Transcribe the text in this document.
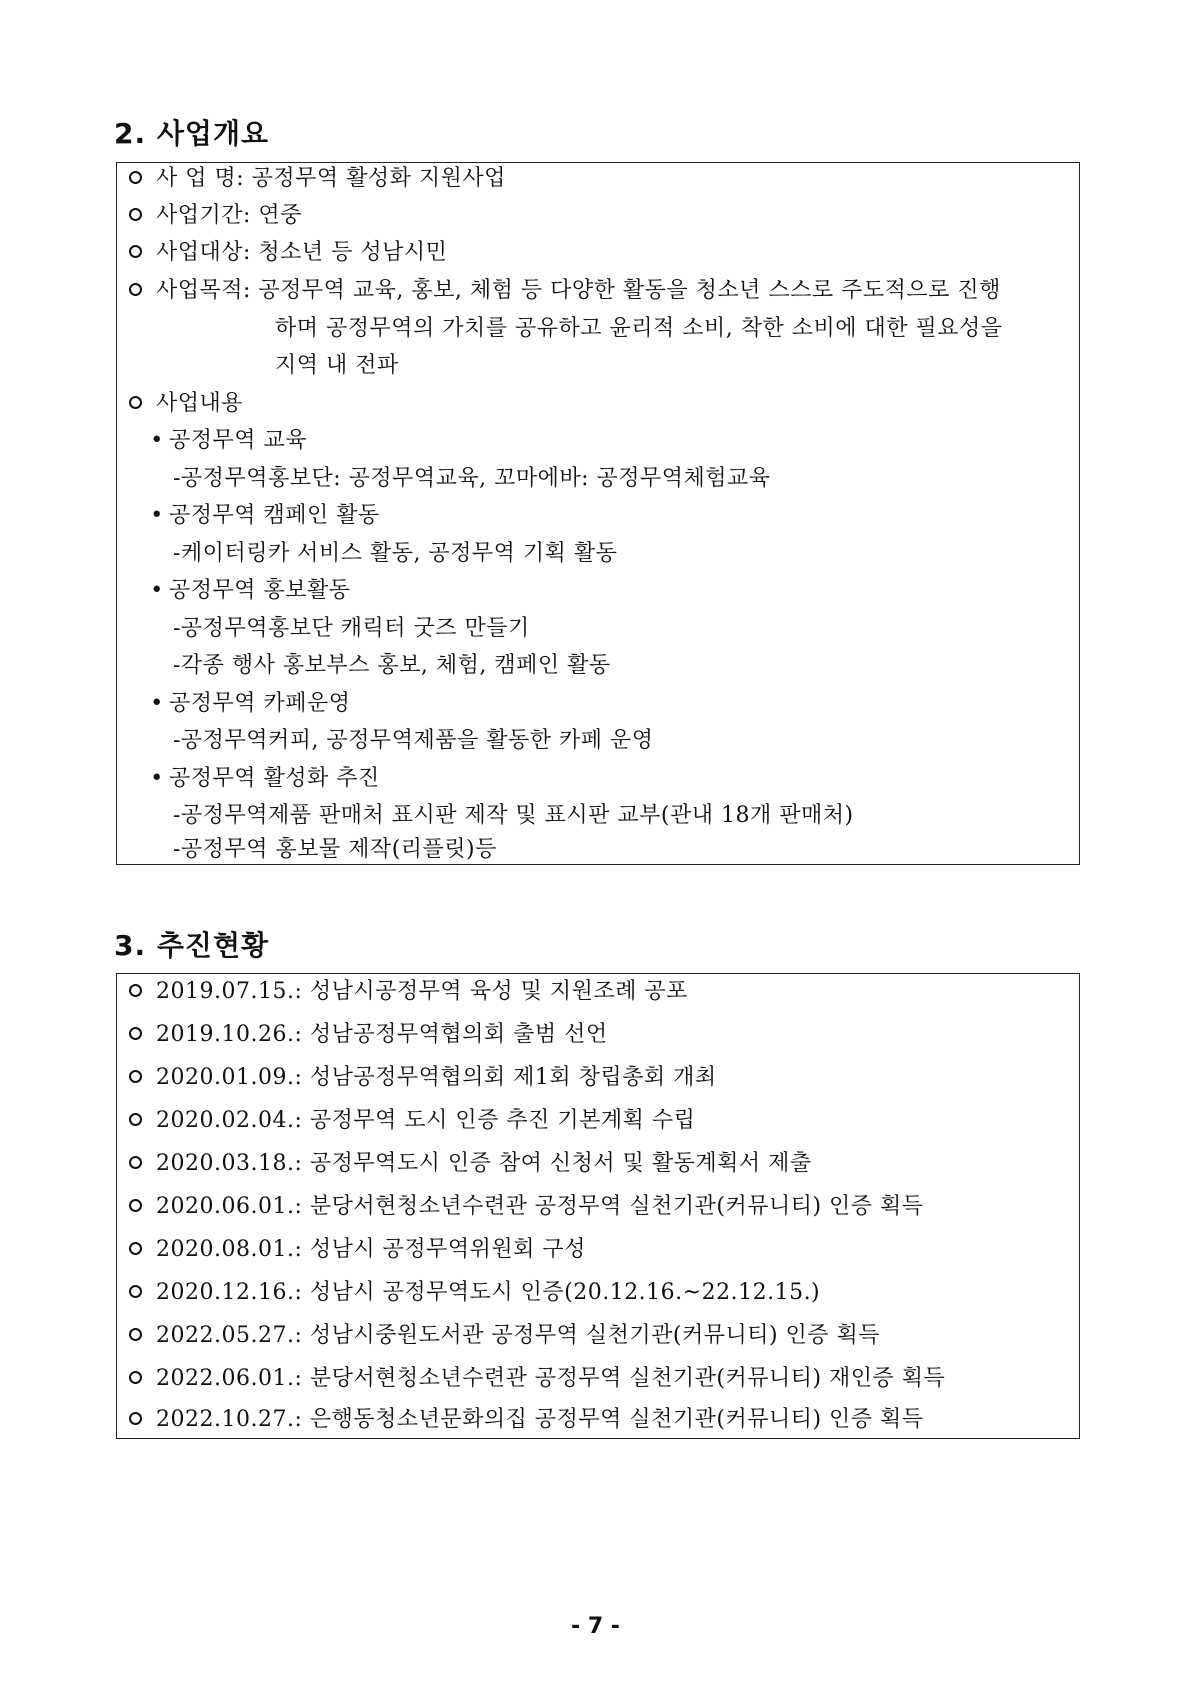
2. 사업개요
사 업 명: 공정무역 활성화 지원사업
사업기간: 연중
사업대상: 청소년 등 성남시민
사업목적: 공정무역 교육, 홍보, 체험 등 다양한 활동을 청소년 스스로 주도적으로 진행
하며 공정무역의 가치를 공유하고 윤리적 소비, 착한 소비에 대한 필요성을
지역 내 전파
사업내용
• 공정무역 교육
-공정무역홍보단: 공정무역교육, 꼬마에바: 공정무역체험교육
• 공정무역 캠페인 활동
-케이터링카 서비스 활동, 공정무역 기획 활동
• 공정무역 홍보활동
-공정무역홍보단 캐릭터 굿즈 만들기
-각종 행사 홍보부스 홍보, 체험, 캠페인 활동
• 공정무역 카페운영
-공정무역커피, 공정무역제품을 활동한 카페 운영
• 공정무역 활성화 추진
-공정무역제품 판매처 표시판 제작 및 표시판 교부(관내 18개 판매처)
-공정무역 홍보물 제작(리플릿)등
3. 추진현황
2019.07.15.: 성남시공정무역 육성 및 지원조례 공포
2019.10.26.: 성남공정무역협의회 출범 선언
2020.01.09.: 성남공정무역협의회 제1회 창립총회 개최
2020.02.04.: 공정무역 도시 인증 추진 기본계획 수립
2020.03.18.: 공정무역도시 인증 참여 신청서 및 활동계획서 제출
2020.06.01.: 분당서현청소년수련관 공정무역 실천기관(커뮤니티) 인증 획득
2020.08.01.: 성남시 공정무역위원회 구성
2020.12.16.: 성남시 공정무역도시 인증(20.12.16.~22.12.15.)
2022.05.27.: 성남시중원도서관 공정무역 실천기관(커뮤니티) 인증 획득
2022.06.01.: 분당서현청소년수련관 공정무역 실천기관(커뮤니티) 재인증 획득
2022.10.27.: 은행동청소년문화의집 공정무역 실천기관(커뮤니티) 인증 획득
- 7 -
